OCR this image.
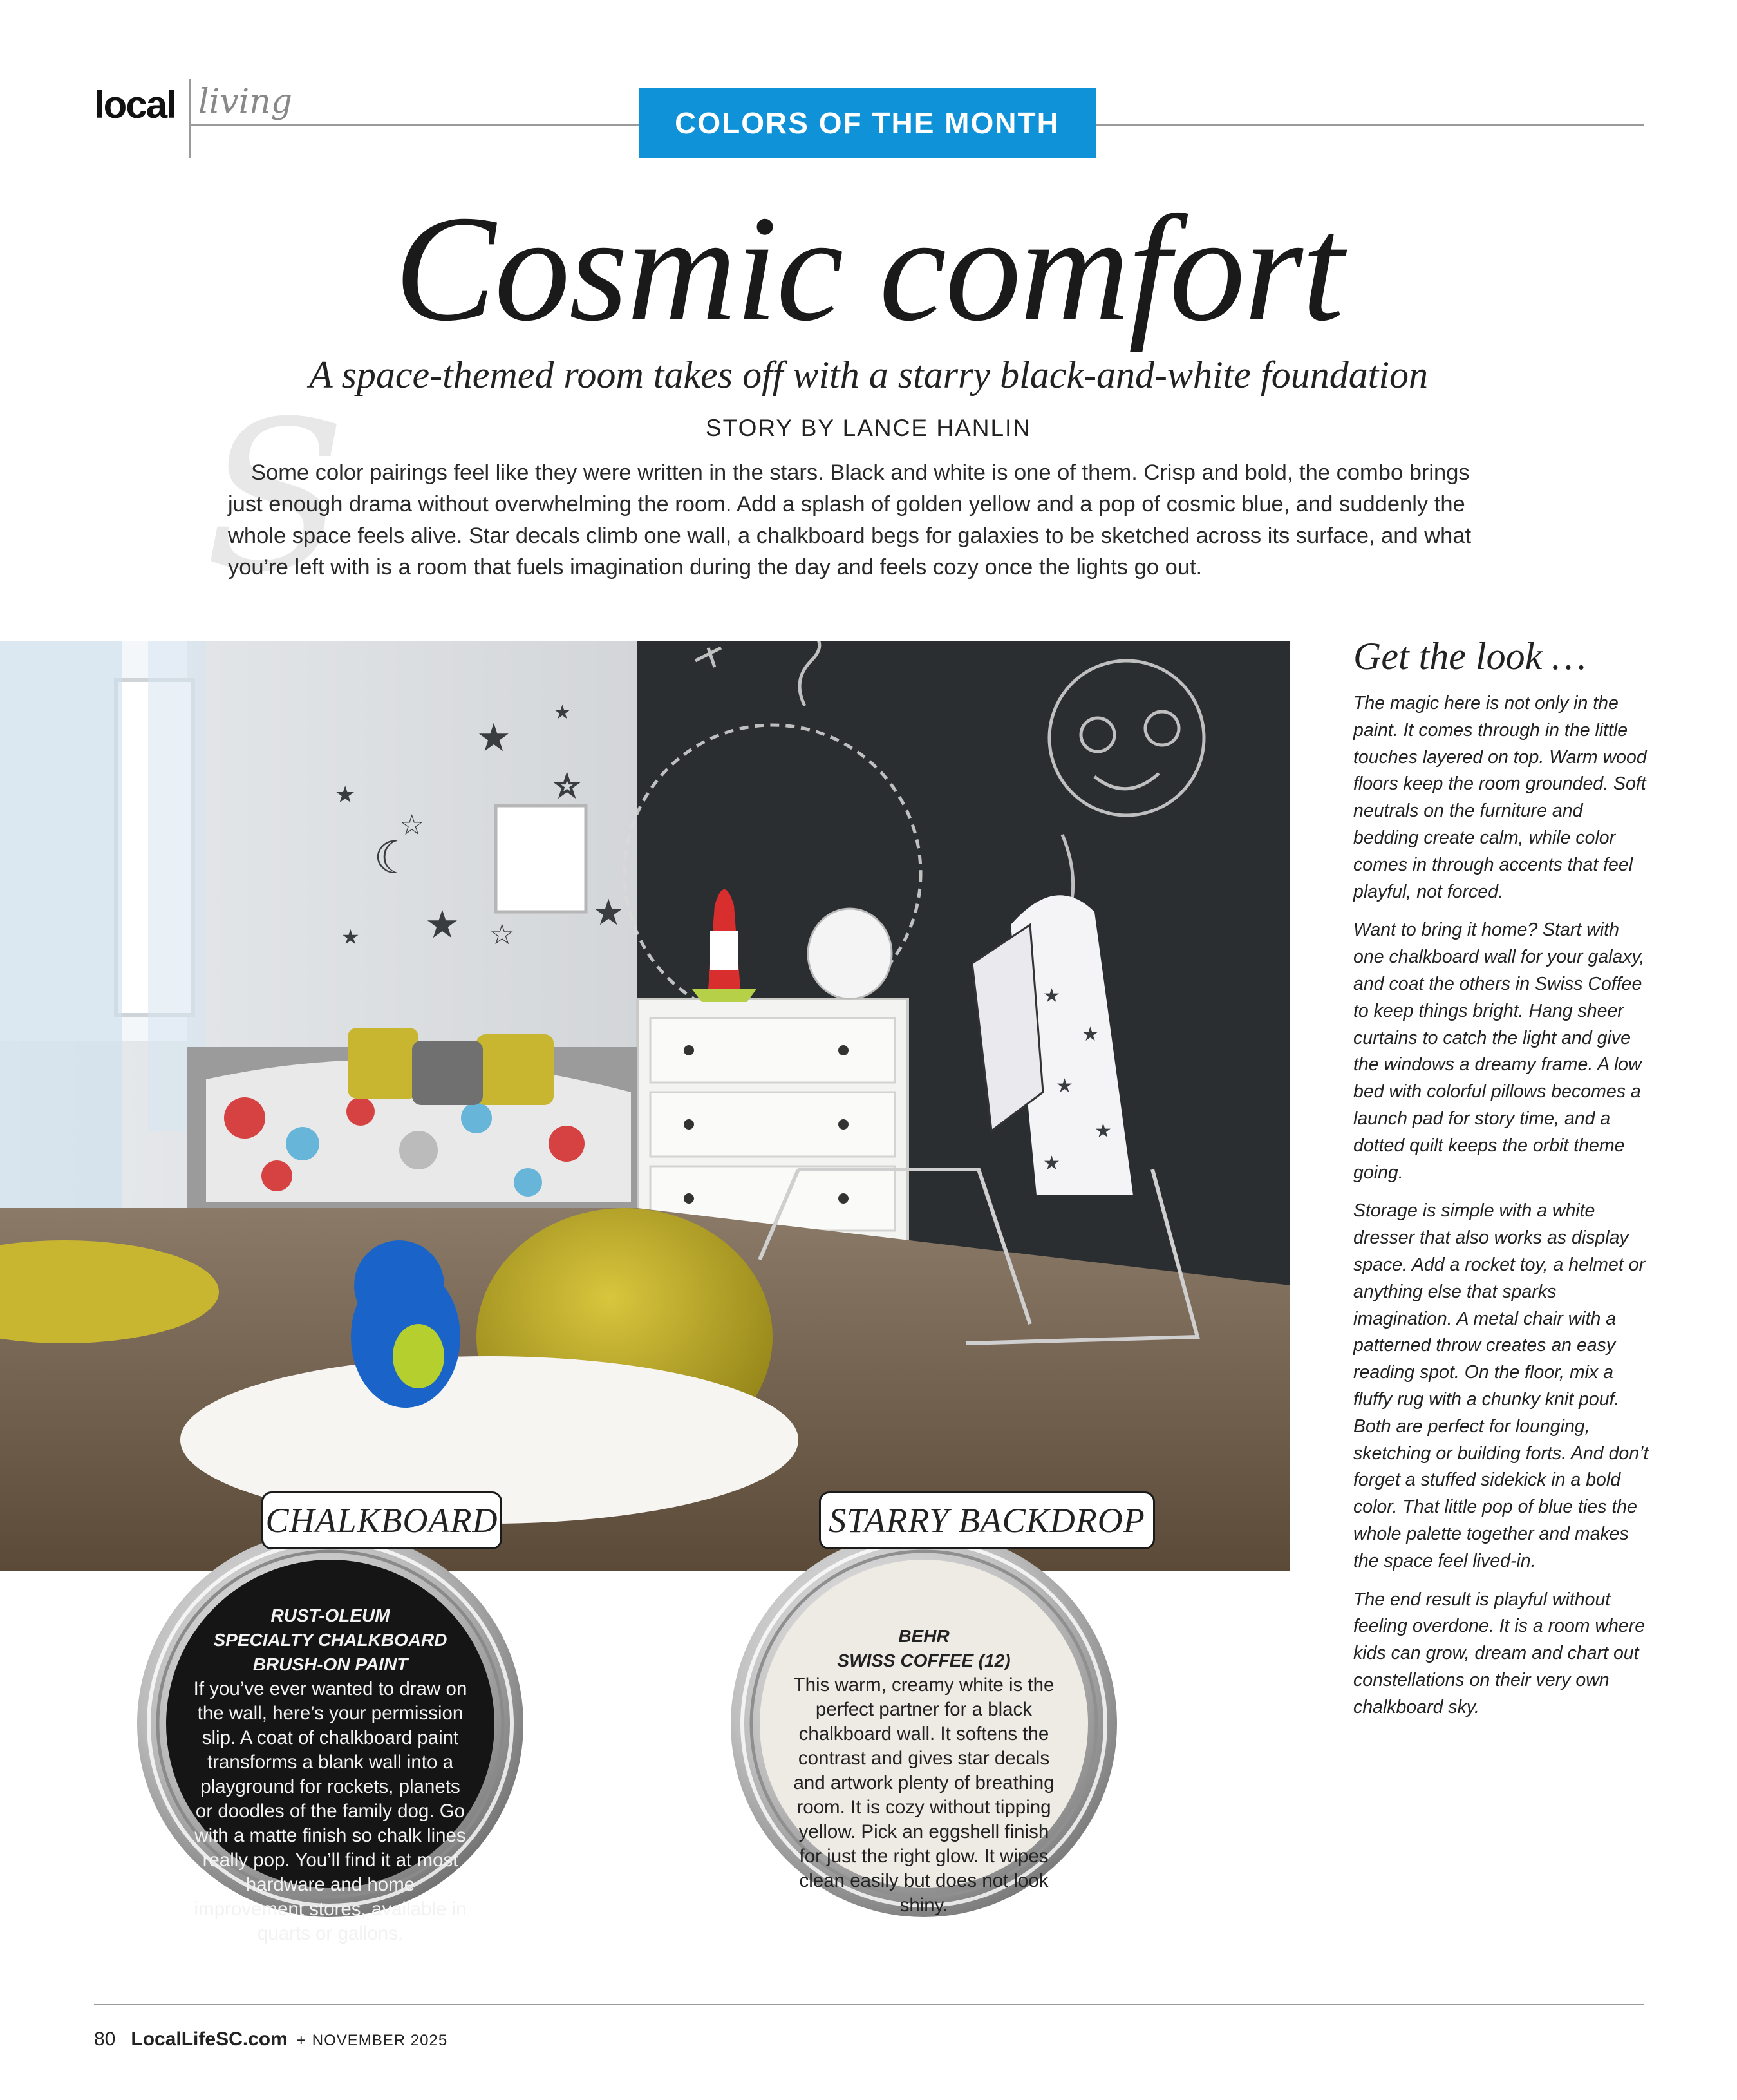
local living
COLORS OF THE MONTH
Cosmic comfort
A space-themed room takes off with a starry black-and-white foundation
STORY BY LANCE HANLIN
S
Some color pairings feel like they were written in the stars. Black and white is one of them. Crisp and bold, the combo brings just enough drama without overwhelming the room. Add a splash of golden yellow and a pop of cosmic blue, and suddenly the whole space feels alive. Star decals climb one wall, a chalkboard begs for galaxies to be sketched across its surface, and what you’re left with is a room that fuels imagination during the day and feels cozy once the lights go out.
★
☆
☆
☾
★	★
★
★	☆
★
★
★
★
★
★
Get the look …

The magic here is not only in the paint. It comes through in the little touches layered on top. Warm wood floors keep the room grounded. Soft neutrals on the furniture and bedding create calm, while color comes in through accents that feel playful, not forced.

Want to bring it home? Start with one chalkboard wall for your galaxy, and coat the others in Swiss Coffee to keep things bright. Hang sheer curtains to catch the light and give the windows a dreamy frame. A low bed with colorful pillows becomes a launch pad for story time, and a dotted quilt keeps the orbit theme going.

Storage is simple with a white dresser that also works as display space. Add a rocket toy, a helmet or anything else that sparks imagination. A metal chair with a patterned throw creates an easy reading spot. On the floor, mix a fluffy rug with a chunky knit pouf. Both are perfect for lounging, sketching or building forts. And don’t forget a stuffed sidekick in a bold color. That little pop of blue ties the whole palette together and makes the space feel lived-in.

The end result is playful without feeling overdone. It is a room where kids can grow, dream and chart out constellations on their very own chalkboard sky.

RUST-OLEUM
SPECIALTY CHALKBOARD
BRUSH-ON PAINT
If you’ve ever wanted to draw on the wall, here’s your permission slip. A coat of chalkboard paint transforms a blank wall into a playground for rockets, planets or doodles of the family dog. Go with a matte finish so chalk lines really pop. You’ll find it at most hardware and home improvement stores, available in quarts or gallons.
CHALKBOARD
BEHR
SWISS COFFEE (12)
This warm, creamy white is the perfect partner for a black chalkboard wall. It softens the contrast and gives star decals and artwork plenty of breathing room. It is cozy without tipping yellow. Pick an eggshell finish for just the right glow. It wipes clean easily but does not look shiny.
STARRY BACKDROP
80 LocalLifeSC.com + NOVEMBER 2025
